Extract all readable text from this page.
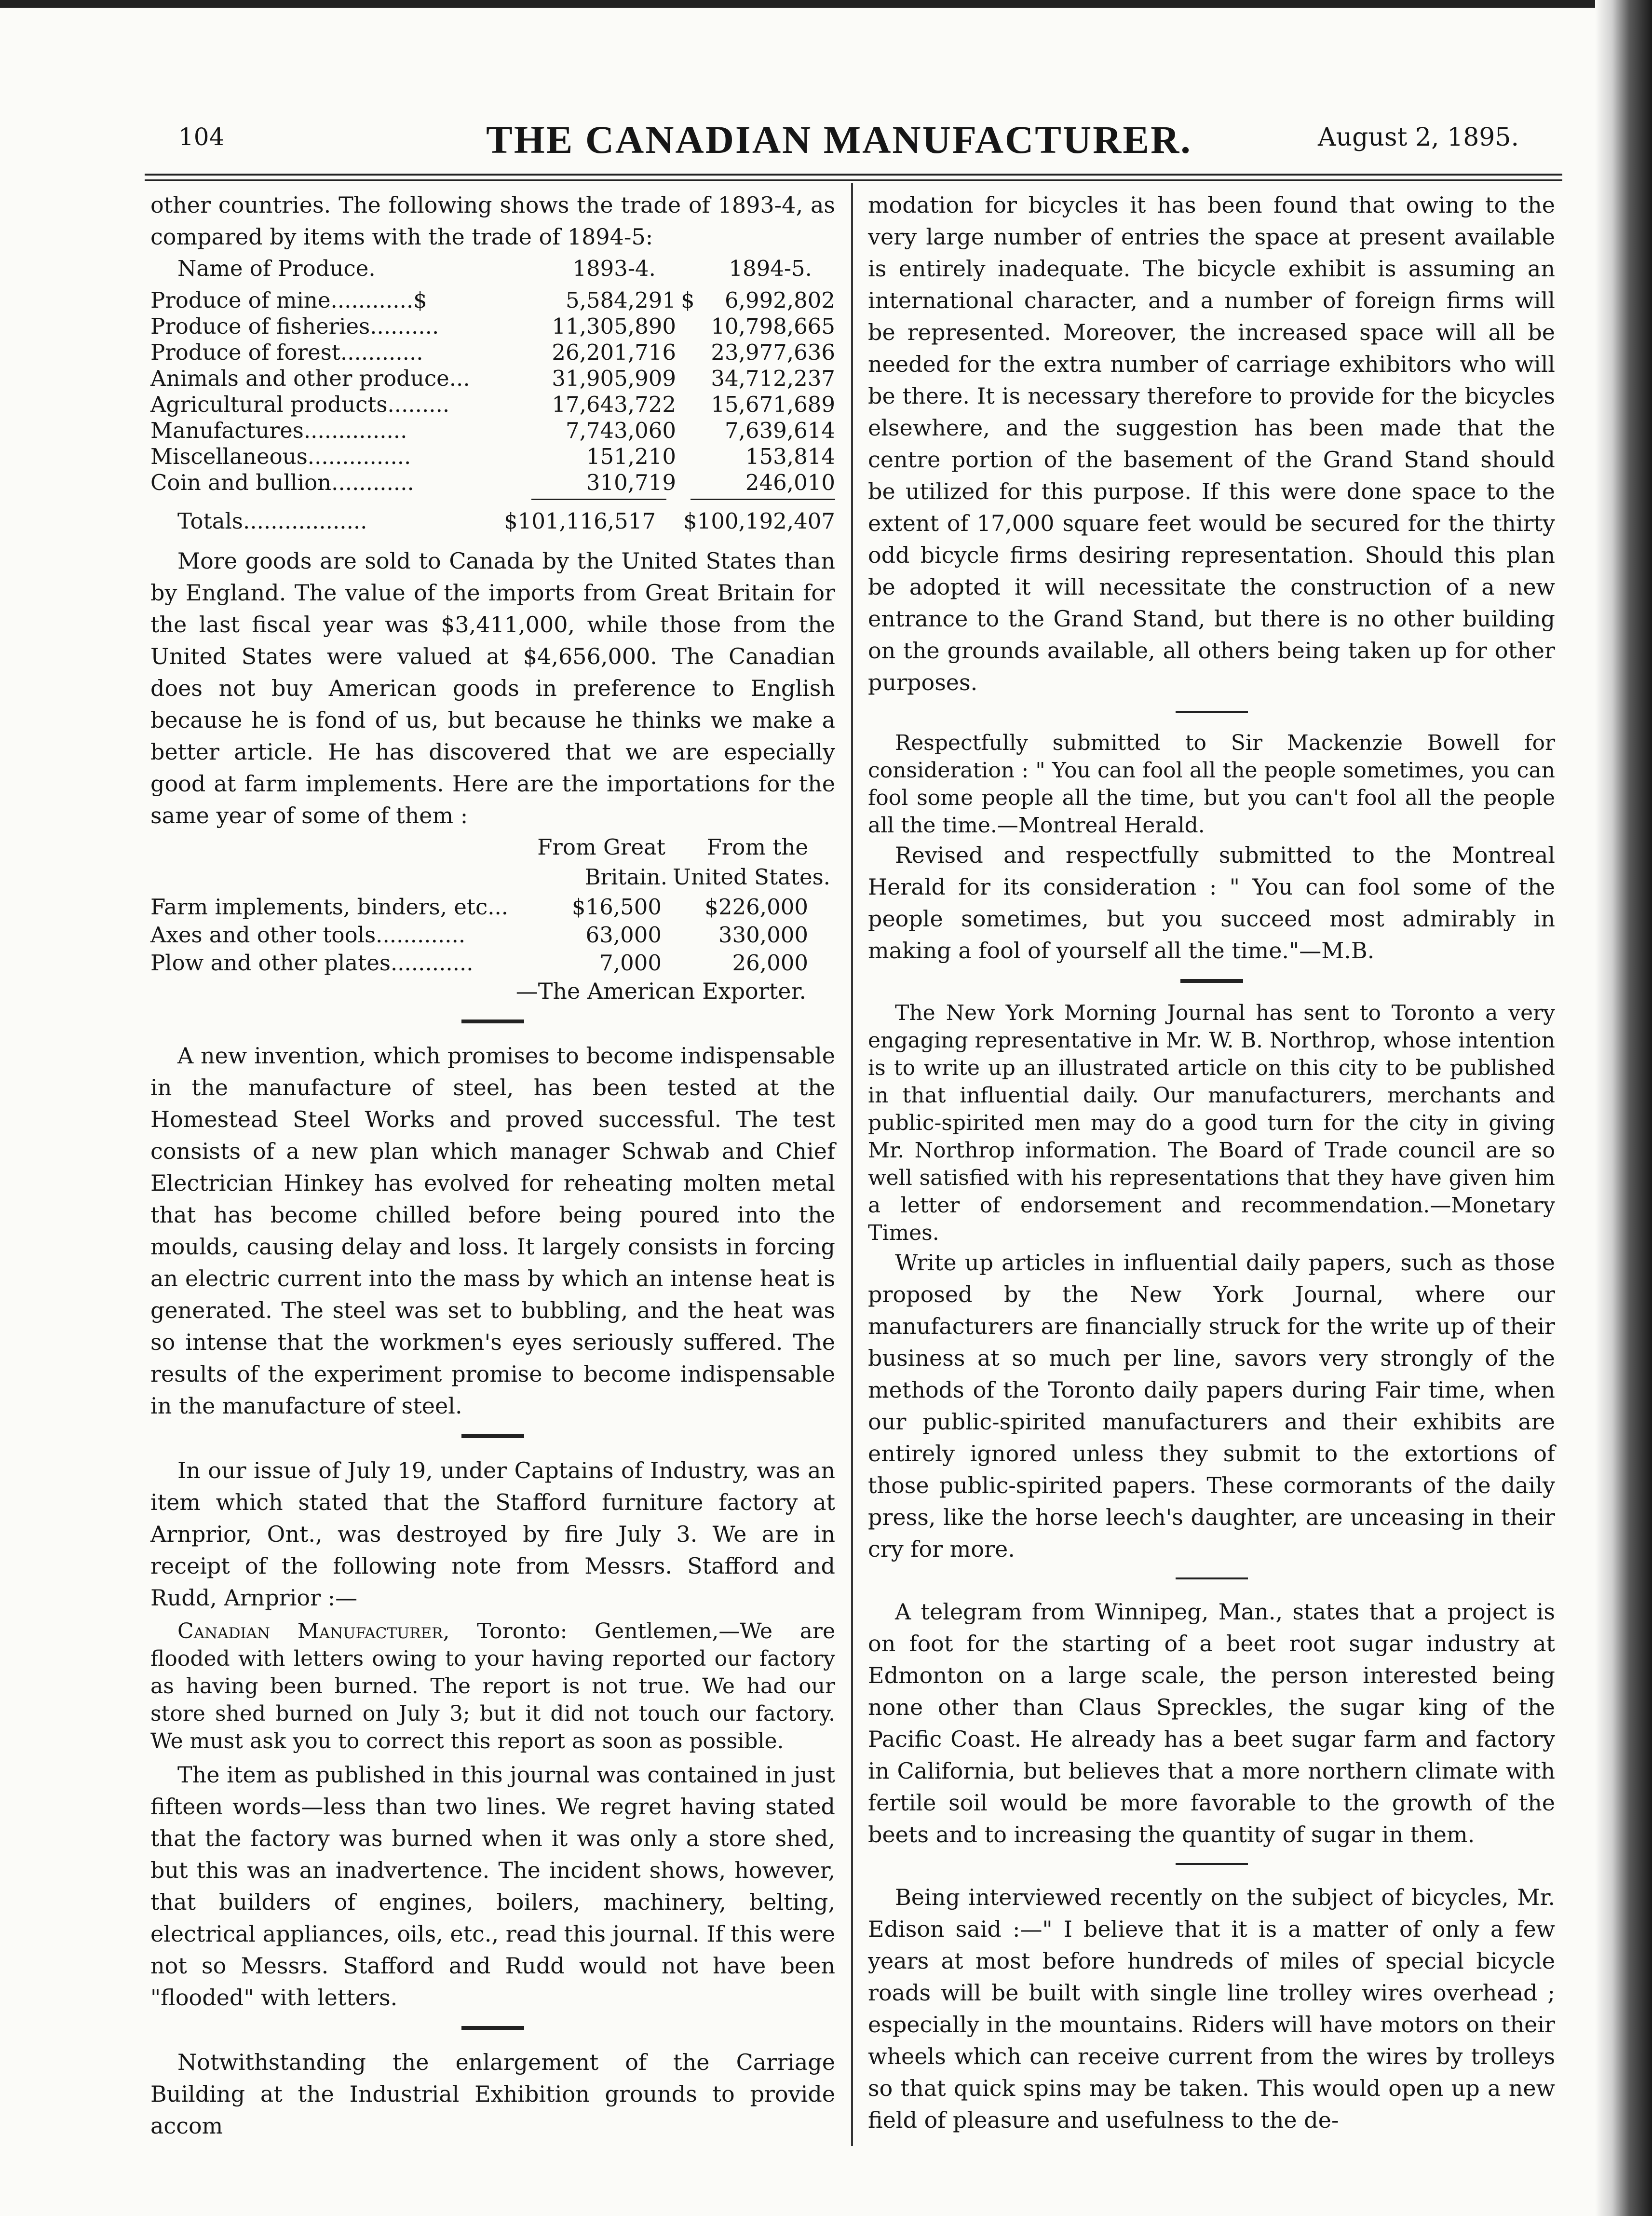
104	THE CANADIAN MANUFACTURER.	August 2, 1895.

other countries. The following shows the trade of 1893-4, as compared by items with the trade of 1894-5:

Name of Produce.	1893-4.	1894-5.
Produce of mine............$	5,584,291 $ 6,992,802
Produce of fisheries..........	11,305,890 10,798,665
Produce of forest............	26,201,716 23,977,636
Animals and other produce...	31,905,909 34,712,237
Agricultural products.........	17,643,722 15,671,689
Manufactures...............	7,743,060 7,639,614
Miscellaneous...............	151,210	153,814
Coin and bullion............	310,719	246,010
Totals..................	$101,116,517 $100,192,407

More goods are sold to Canada by the United States than by England. The value of the imports from Great Britain for the last fiscal year was $3,411,000, while those from the United States were valued at $4,656,000. The Canadian does not buy American goods in preference to English because he is fond of us, but because he thinks we make a better article. He has discovered that we are especially good at farm implements. Here are the importations for the same year of some of them :

From Great From the
Britain. United States.
Farm implements, binders, etc...	$16,500 $226,000
Axes and other tools.............	63,000	330,000
Plow and other plates............	7,000	26,000

—The American Exporter.

A new invention, which promises to become indispensable in the manufacture of steel, has been tested at the Homestead Steel Works and proved successful. The test consists of a new plan which manager Schwab and Chief Electrician Hinkey has evolved for reheating molten metal that has become chilled before being poured into the moulds, causing delay and loss. It largely consists in forcing an electric current into the mass by which an intense heat is generated. The steel was set to bubbling, and the heat was so intense that the workmen's eyes seriously suffered. The results of the experiment promise to become indispensable in the manufacture of steel.

In our issue of July 19, under Captains of Industry, was an item which stated that the Stafford furniture factory at Arnprior, Ont., was destroyed by fire July 3. We are in receipt of the following note from Messrs. Stafford and Rudd, Arnprior :—

Canadian Manufacturer, Toronto: Gentlemen,—We are flooded with letters owing to your having reported our factory as having been burned. The report is not true. We had our store shed burned on July 3; but it did not touch our factory. We must ask you to correct this report as soon as possible.

The item as published in this journal was contained in just fifteen words—less than two lines. We regret having stated that the factory was burned when it was only a store shed, but this was an inadvertence. The incident shows, however, that builders of engines, boilers, machinery, belting, electrical appliances, oils, etc., read this journal. If this were not so Messrs. Stafford and Rudd would not have been "flooded" with letters.

Notwithstanding the enlargement of the Carriage Building at the Industrial Exhibition grounds to provide accom

modation for bicycles it has been found that owing to the very large number of entries the space at present available is entirely inadequate. The bicycle exhibit is assuming an international character, and a number of foreign firms will be represented. Moreover, the increased space will all be needed for the extra number of carriage exhibitors who will be there. It is necessary therefore to provide for the bicycles elsewhere, and the suggestion has been made that the centre portion of the basement of the Grand Stand should be utilized for this purpose. If this were done space to the extent of 17,000 square feet would be secured for the thirty odd bicycle firms desiring representation. Should this plan be adopted it will necessitate the construction of a new entrance to the Grand Stand, but there is no other building on the grounds available, all others being taken up for other purposes.

Respectfully submitted to Sir Mackenzie Bowell for consideration : " You can fool all the people sometimes, you can fool some people all the time, but you can't fool all the people all the time.—Montreal Herald.

Revised and respectfully submitted to the Montreal Herald for its consideration : " You can fool some of the people sometimes, but you succeed most admirably in making a fool of yourself all the time."—M.B.

The New York Morning Journal has sent to Toronto a very engaging representative in Mr. W. B. Northrop, whose intention is to write up an illustrated article on this city to be published in that influential daily. Our manufacturers, merchants and public-spirited men may do a good turn for the city in giving Mr. Northrop information. The Board of Trade council are so well satisfied with his representations that they have given him a letter of endorsement and recommendation.—Monetary Times.

Write up articles in influential daily papers, such as those proposed by the New York Journal, where our manufacturers are financially struck for the write up of their business at so much per line, savors very strongly of the methods of the Toronto daily papers during Fair time, when our public-spirited manufacturers and their exhibits are entirely ignored unless they submit to the extortions of those public-spirited papers. These cormorants of the daily press, like the horse leech's daughter, are unceasing in their cry for more.

A telegram from Winnipeg, Man., states that a project is on foot for the starting of a beet root sugar industry at Edmonton on a large scale, the person interested being none other than Claus Spreckles, the sugar king of the Pacific Coast. He already has a beet sugar farm and factory in California, but believes that a more northern climate with fertile soil would be more favorable to the growth of the beets and to increasing the quantity of sugar in them.

Being interviewed recently on the subject of bicycles, Mr. Edison said :—" I believe that it is a matter of only a few years at most before hundreds of miles of special bicycle roads will be built with single line trolley wires overhead ; especially in the mountains. Riders will have motors on their wheels which can receive current from the wires by trolleys so that quick spins may be taken. This would open up a new field of pleasure and usefulness to the de-
